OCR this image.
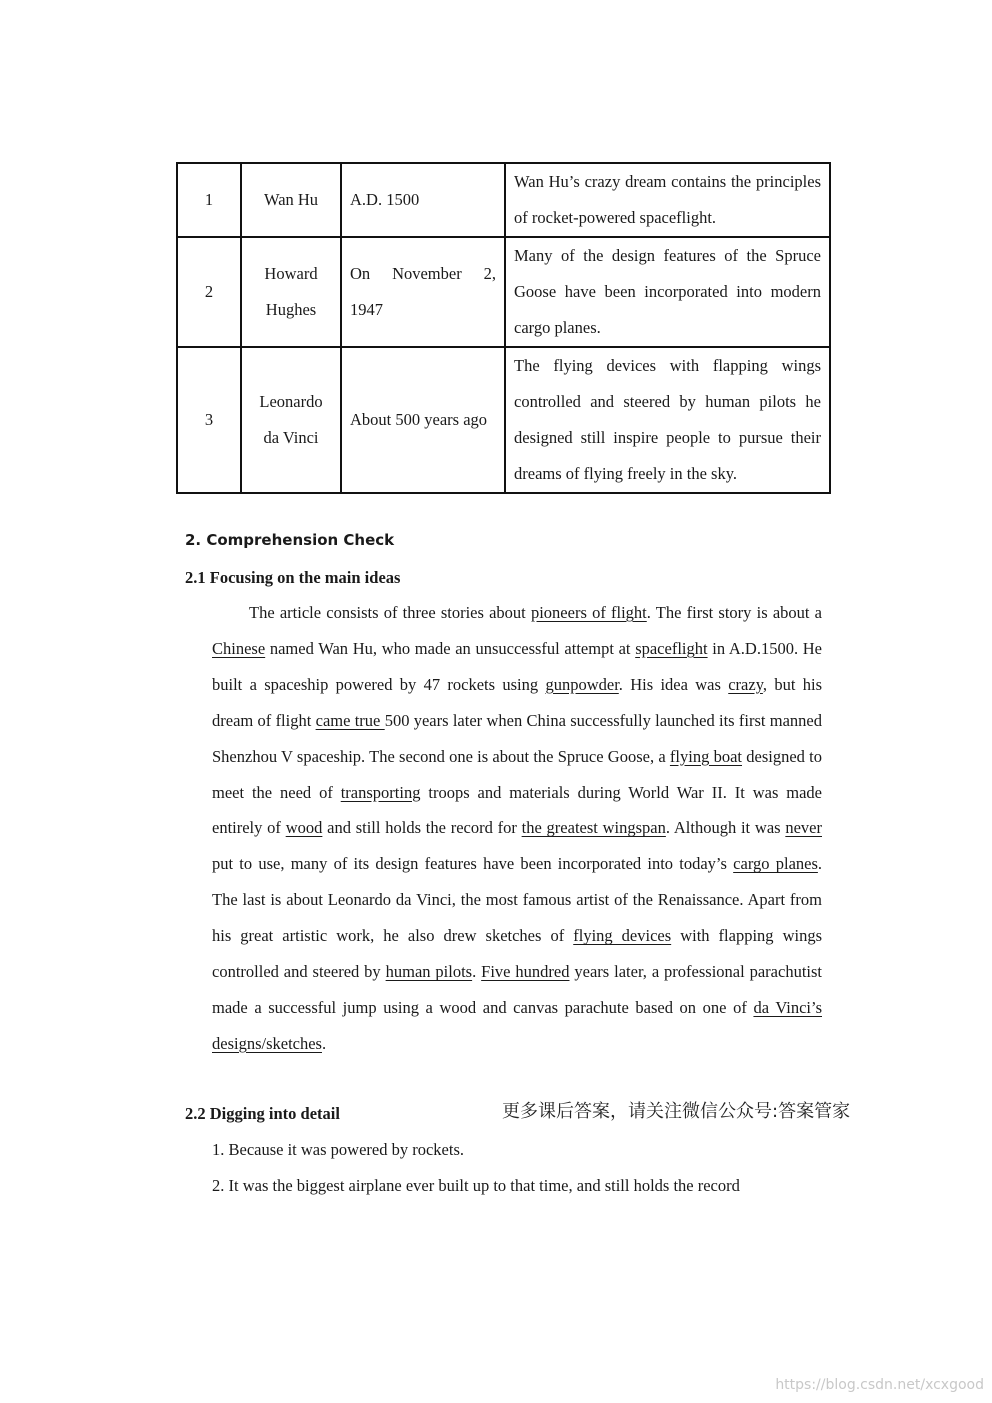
1	Wan Hu	A.D. 1500	Wan Hu’s crazy dream contains the principles of rocket-powered spaceflight.
2	Howard Hughes	On November 2, 1947	Many of the design features of the Spruce Goose have been incorporated into modern cargo planes.
3	Leonardo da Vinci	About 500 years ago	The flying devices with flapping wings controlled and steered by human pilots he designed still inspire people to pursue their dreams of flying freely in the sky.
2. Comprehension Check
2.1 Focusing on the main ideas

The article consists of three stories about pioneers of flight. The first story is about a Chinese named Wan Hu, who made an unsuccessful attempt at spaceflight in A.D.1500. He built a spaceship powered by 47 rockets using gunpowder. His idea was crazy, but his dream of flight came true 500 years later when China successfully launched its first manned Shenzhou V spaceship. The second one is about the Spruce Goose, a flying boat designed to meet the need of transporting troops and materials during World War II. It was made entirely of wood and still holds the record for the greatest wingspan. Although it was never put to use, many of its design features have been incorporated into today’s cargo planes. The last is about Leonardo da Vinci, the most famous artist of the Renaissance. Apart from his great artistic work, he also drew sketches of flying devices with flapping wings controlled and steered by human pilots. Five hundred years later, a professional parachutist made a successful jump using a wood and canvas parachute based on one of da Vinci’s designs/sketches.

2.2 Digging into detail	更多课后答案，请关注微信公众号:答案管家
1. Because it was powered by rockets.
2. It was the biggest airplane ever built up to that time, and still holds the record
https://blog.csdn.net/xcxgood
